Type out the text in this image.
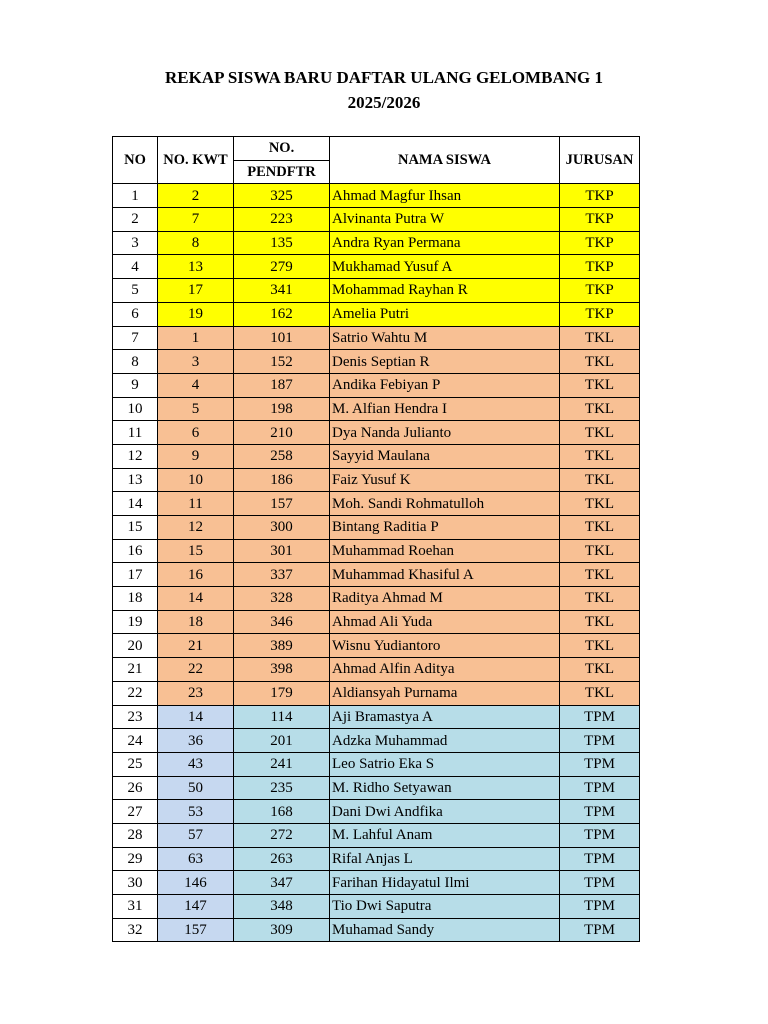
REKAP SISWA BARU DAFTAR ULANG GELOMBANG 1
2025/2026
NO	NO. KWT	NO.	NAMA SISWA	JURUSAN
		PENDFTR		
1	2	325	Ahmad Magfur Ihsan	TKP
2	7	223	Alvinanta Putra W	TKP
3	8	135	Andra Ryan Permana	TKP
4	13	279	Mukhamad Yusuf A	TKP
5	17	341	Mohammad Rayhan R	TKP
6	19	162	Amelia Putri	TKP
7	1	101	Satrio Wahtu M	TKL
8	3	152	Denis Septian R	TKL
9	4	187	Andika Febiyan P	TKL
10	5	198	M. Alfian Hendra I	TKL
11	6	210	Dya Nanda Julianto	TKL
12	9	258	Sayyid Maulana	TKL
13	10	186	Faiz Yusuf K	TKL
14	11	157	Moh. Sandi Rohmatulloh	TKL
15	12	300	Bintang Raditia P	TKL
16	15	301	Muhammad Roehan	TKL
17	16	337	Muhammad Khasiful A	TKL
18	14	328	Raditya Ahmad M	TKL
19	18	346	Ahmad Ali Yuda	TKL
20	21	389	Wisnu Yudiantoro	TKL
21	22	398	Ahmad Alfin Aditya	TKL
22	23	179	Aldiansyah Purnama	TKL
23	14	114	Aji Bramastya A	TPM
24	36	201	Adzka Muhammad	TPM
25	43	241	Leo Satrio Eka S	TPM
26	50	235	M. Ridho Setyawan	TPM
27	53	168	Dani Dwi Andfika	TPM
28	57	272	M. Lahful Anam	TPM
29	63	263	Rifal Anjas L	TPM
30	146	347	Farihan Hidayatul Ilmi	TPM
31	147	348	Tio Dwi Saputra	TPM
32	157	309	Muhamad Sandy	TPM
